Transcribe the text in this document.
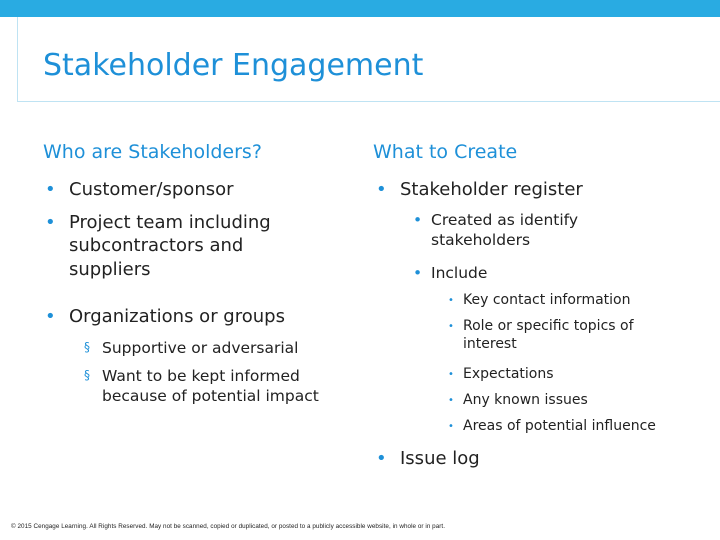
Stakeholder Engagement
Who are Stakeholders?
• Customer/sponsor
• Project team including subcontractors and suppliers
• Organizations or groups
§ Supportive or adversarial
§ Want to be kept informed because of potential impact
What to Create
• Stakeholder register
• Created as identify stakeholders
• Include
• Key contact information
• Role or specific topics of interest
• Expectations
• Any known issues
• Areas of potential influence
• Issue log
© 2015 Cengage Learning. All Rights Reserved. May not be scanned, copied or duplicated, or posted to a publicly accessible website, in whole or in part.
